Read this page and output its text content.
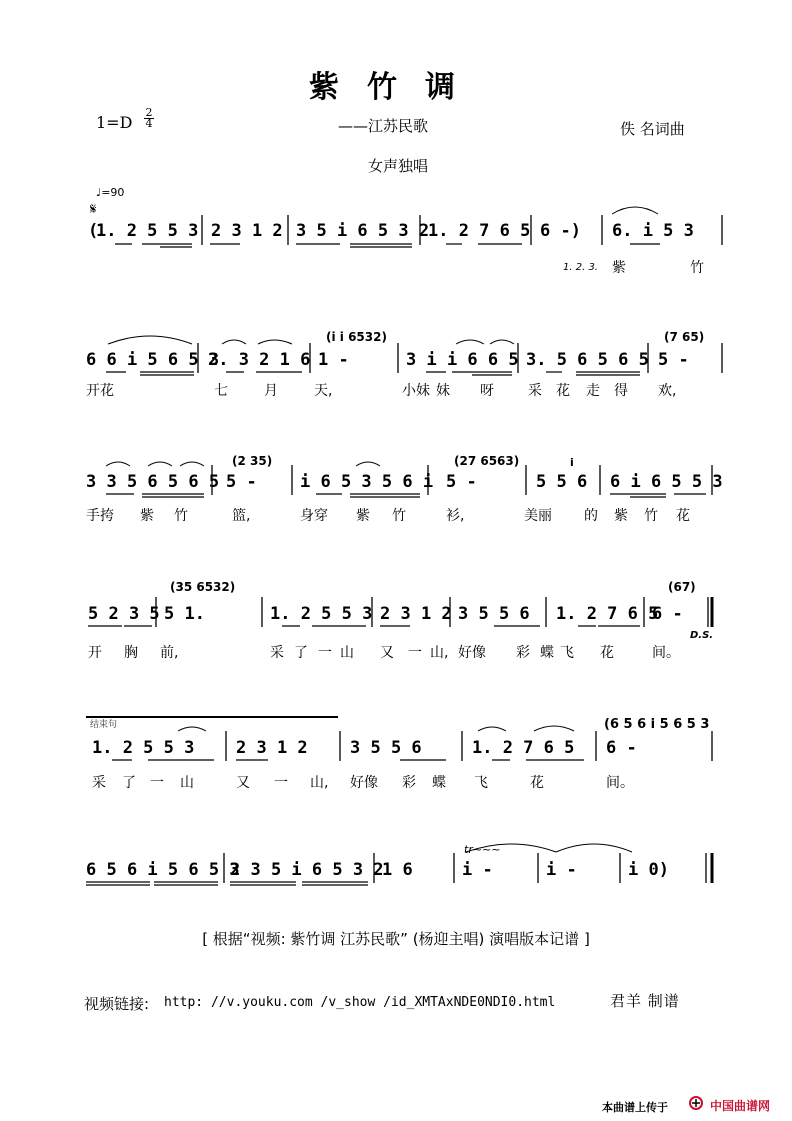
紫竹调
$1=D \frac{2}{4}$	——江苏民歌	佚 名词曲
女声独唱
♩=90
𝄋
(
1. 2 5 5 3 2 3 1 2 3 5 i 6 5 3 2
1. 2 7 6 5 6 -) 6. i 5 3
1. 2. 3. 紫	竹
6 6 i 5 6 5 3
2. 3 2 1 6 1 -	3 i i 6 6 5 3. 5 6 5 6 5 5 -
(i i 6532)	(7 65)
开花	七	月	天,	小妹 妹 呀 采 花 走 得 欢,
3 3 5 6 5 6 5 5 -	i 6 5 3 5 6 i 5 -	5 5 6 6 i 6 5 5 3
(2 35)	(27 6563)	i
手挎 紫 竹	篮,	身穿 紫 竹	衫,	美丽 的 紫 竹 花
5 2 3 5 5 1.	1. 2 5 5 3 2 3 1 2 3 5 5 6 1. 2 7 6 5
6 -
(35 6532)	(67)
D.S.
开 胸 前,	采 了 一 山 又 一 山, 好像 彩 蝶 飞 花	间。
结束句
1. 2 5 5 3 2 3 1 2 3 5 5 6	1. 2 7 6 5 6 -
(6 5 6 i 5 6 5 3
采 了 一 山	又 一 山, 好像 彩 蝶 飞	花	间。
6 5 6 i 5 6 5 3
2 3 5 i 6 5 3 2
1 6	i -	i -	i 0)
tr~~~
[ 根据“视频: 紫竹调 江苏民歌” (杨迎主唱) 演唱版本记谱 ]
视频链接: http: //v.youku.com /v_show /id_XMTAxNDE0NDI0.html	君羊 制谱
本曲谱上传于	中国曲谱网
